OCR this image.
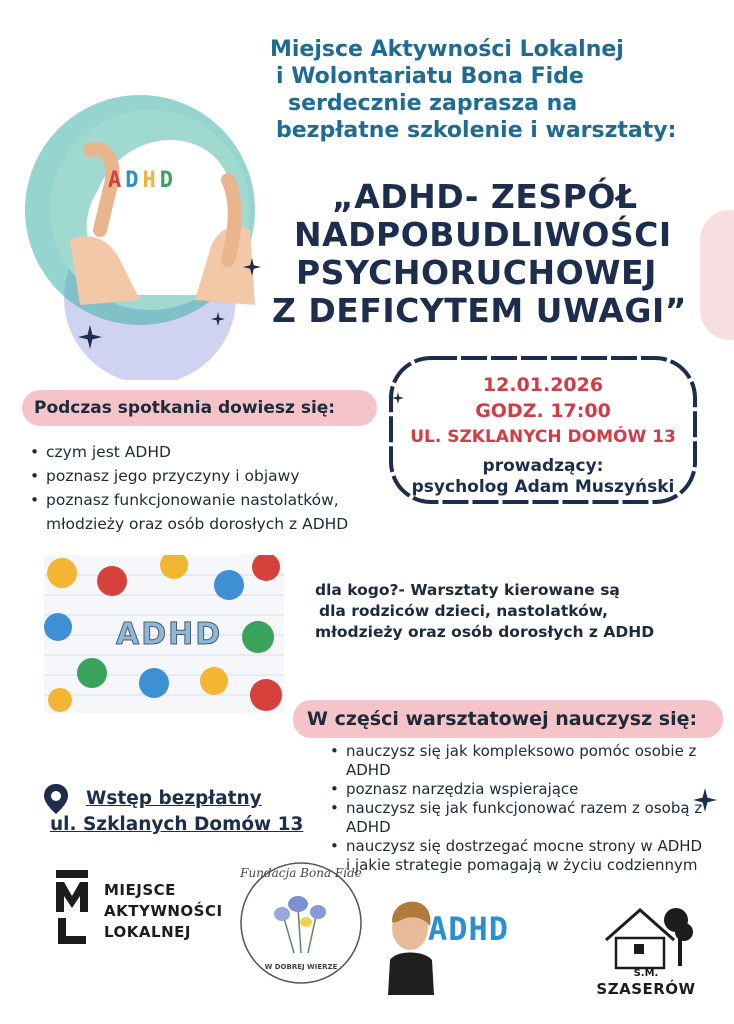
ADHD
Miejsce Aktywności Lokalnej
i Wolontariatu Bona Fide
serdecznie zaprasza na
bezpłatne szkolenie i warsztaty:
„ADHD- ZESPÓŁ
NADPOBUDLIWOŚCI
PSYCHORUCHOWEJ
Z DEFICYTEM UWAGI”
12.01.2026
GODZ. 17:00
UL. SZKLANYCH DOMÓW 13
prowadzący:
psycholog Adam Muszyński
Podczas spotkania dowiesz się:
• czym jest ADHD
• poznasz jego przyczyny i objawy
• poznasz funkcjonowanie nastolatków, młodzieży oraz osób dorosłych z ADHD
ADHD
dla kogo?- Warsztaty kierowane są
dla rodziców dzieci, nastolatków,
młodzieży oraz osób dorosłych z ADHD
W części warsztatowej nauczysz się:
• nauczysz się jak kompleksowo pomóc osobie z ADHD
• poznasz narzędzia wspierające
• nauczysz się jak funkcjonować razem z osobą z ADHD
• nauczysz się dostrzegać mocne strony w ADHD i jakie strategie pomagają w życiu codziennym
Wstęp bezpłatny
ul. Szklanych Domów 13
MIEJSCE
AKTYWNOŚCI
LOKALNEJ
Fundacja Bona Fide
W DOBREJ WIERZE
ADHD
S.M.
SZASERÓW
